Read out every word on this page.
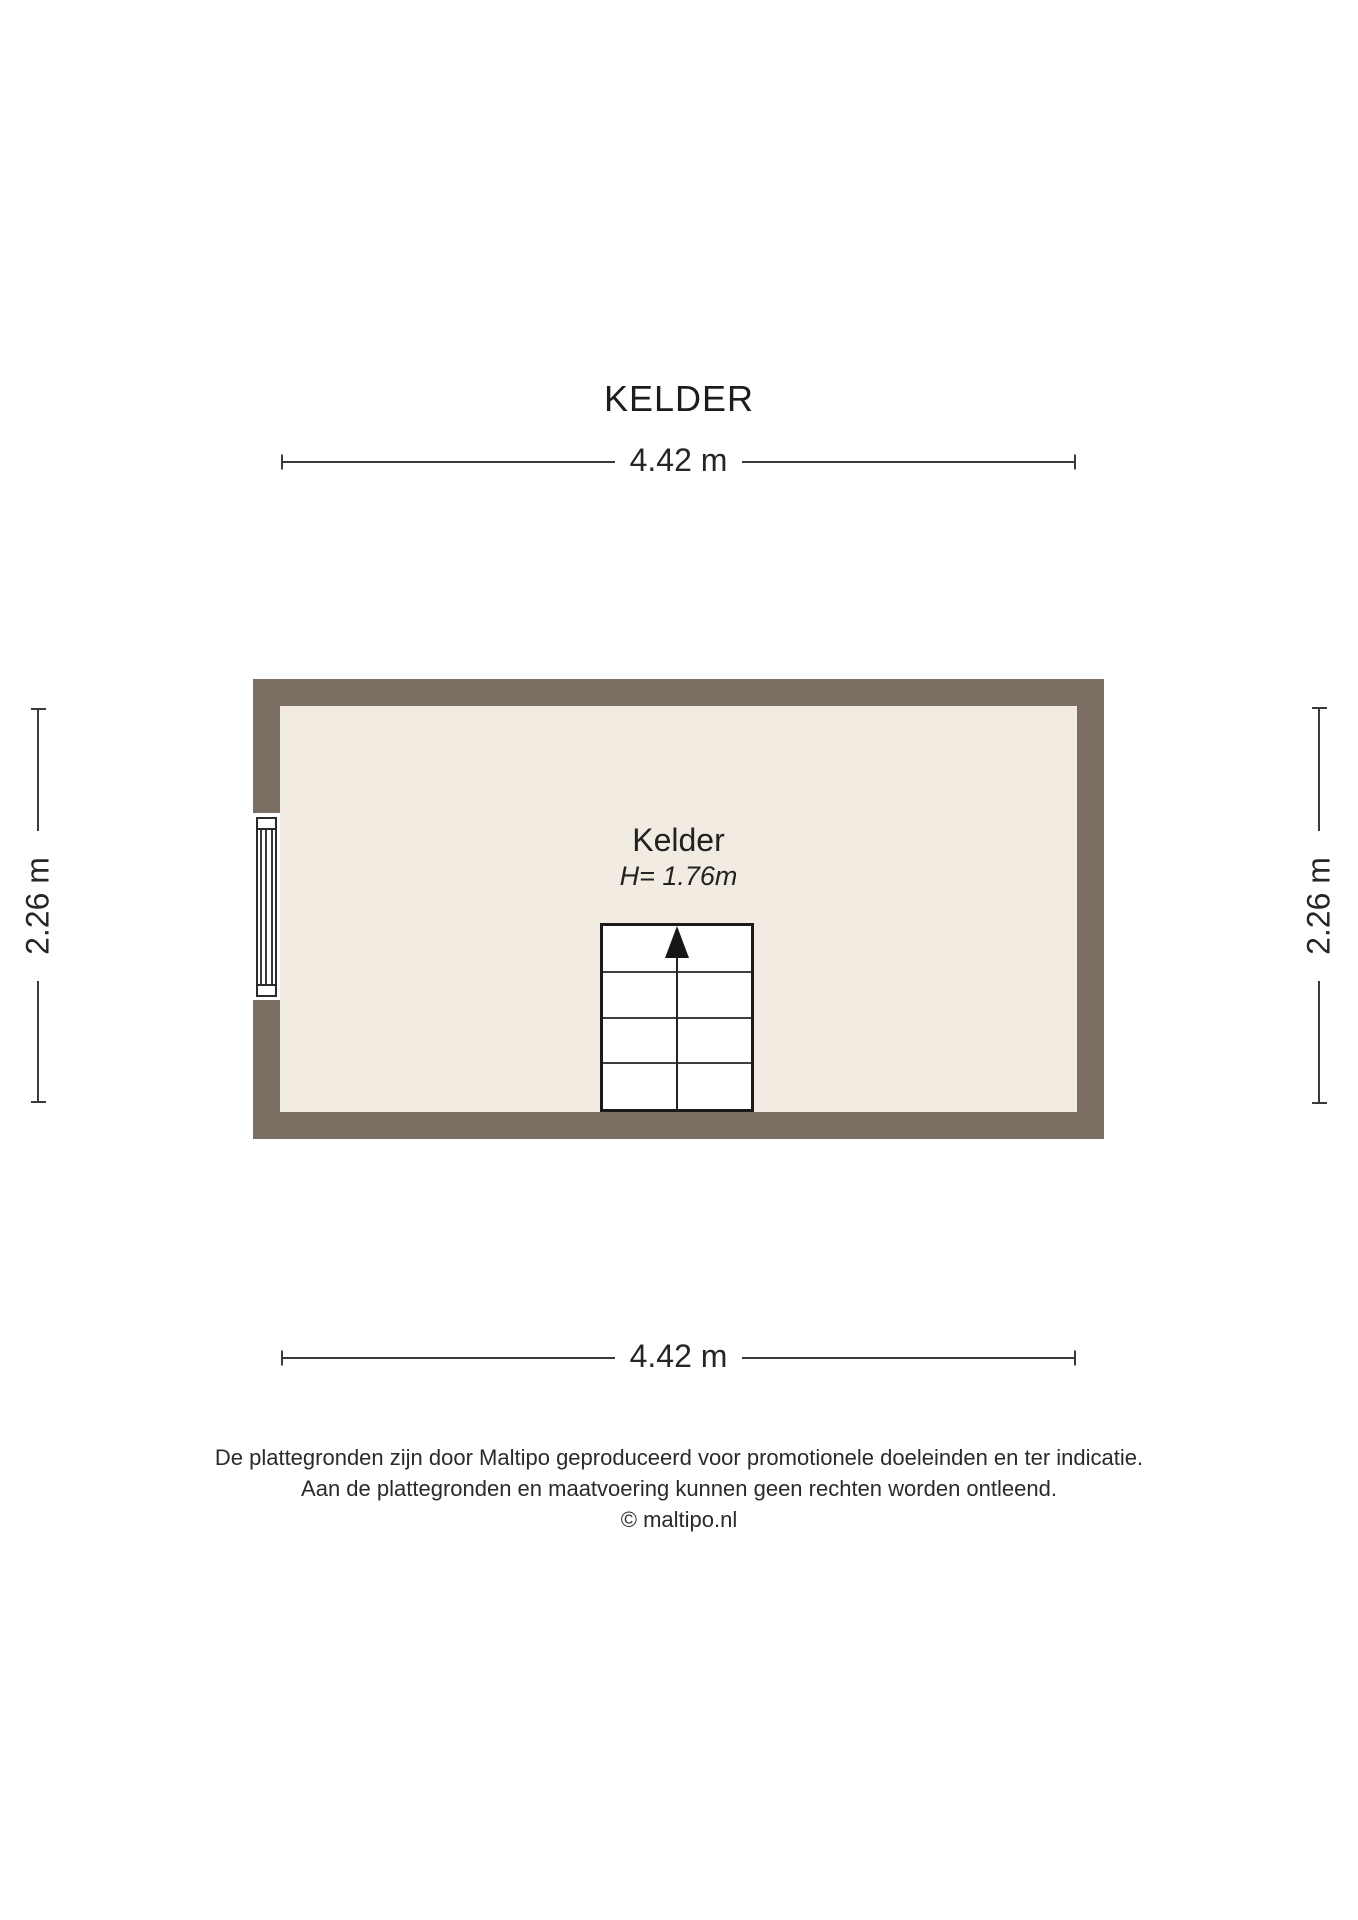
KELDER
4.42 m
2.26 m	2.26 m
Kelder
H= 1.76m
4.42 m
De plattegronden zijn door Maltipo geproduceerd voor promotionele doeleinden en ter indicatie.
Aan de plattegronden en maatvoering kunnen geen rechten worden ontleend.
© maltipo.nl
